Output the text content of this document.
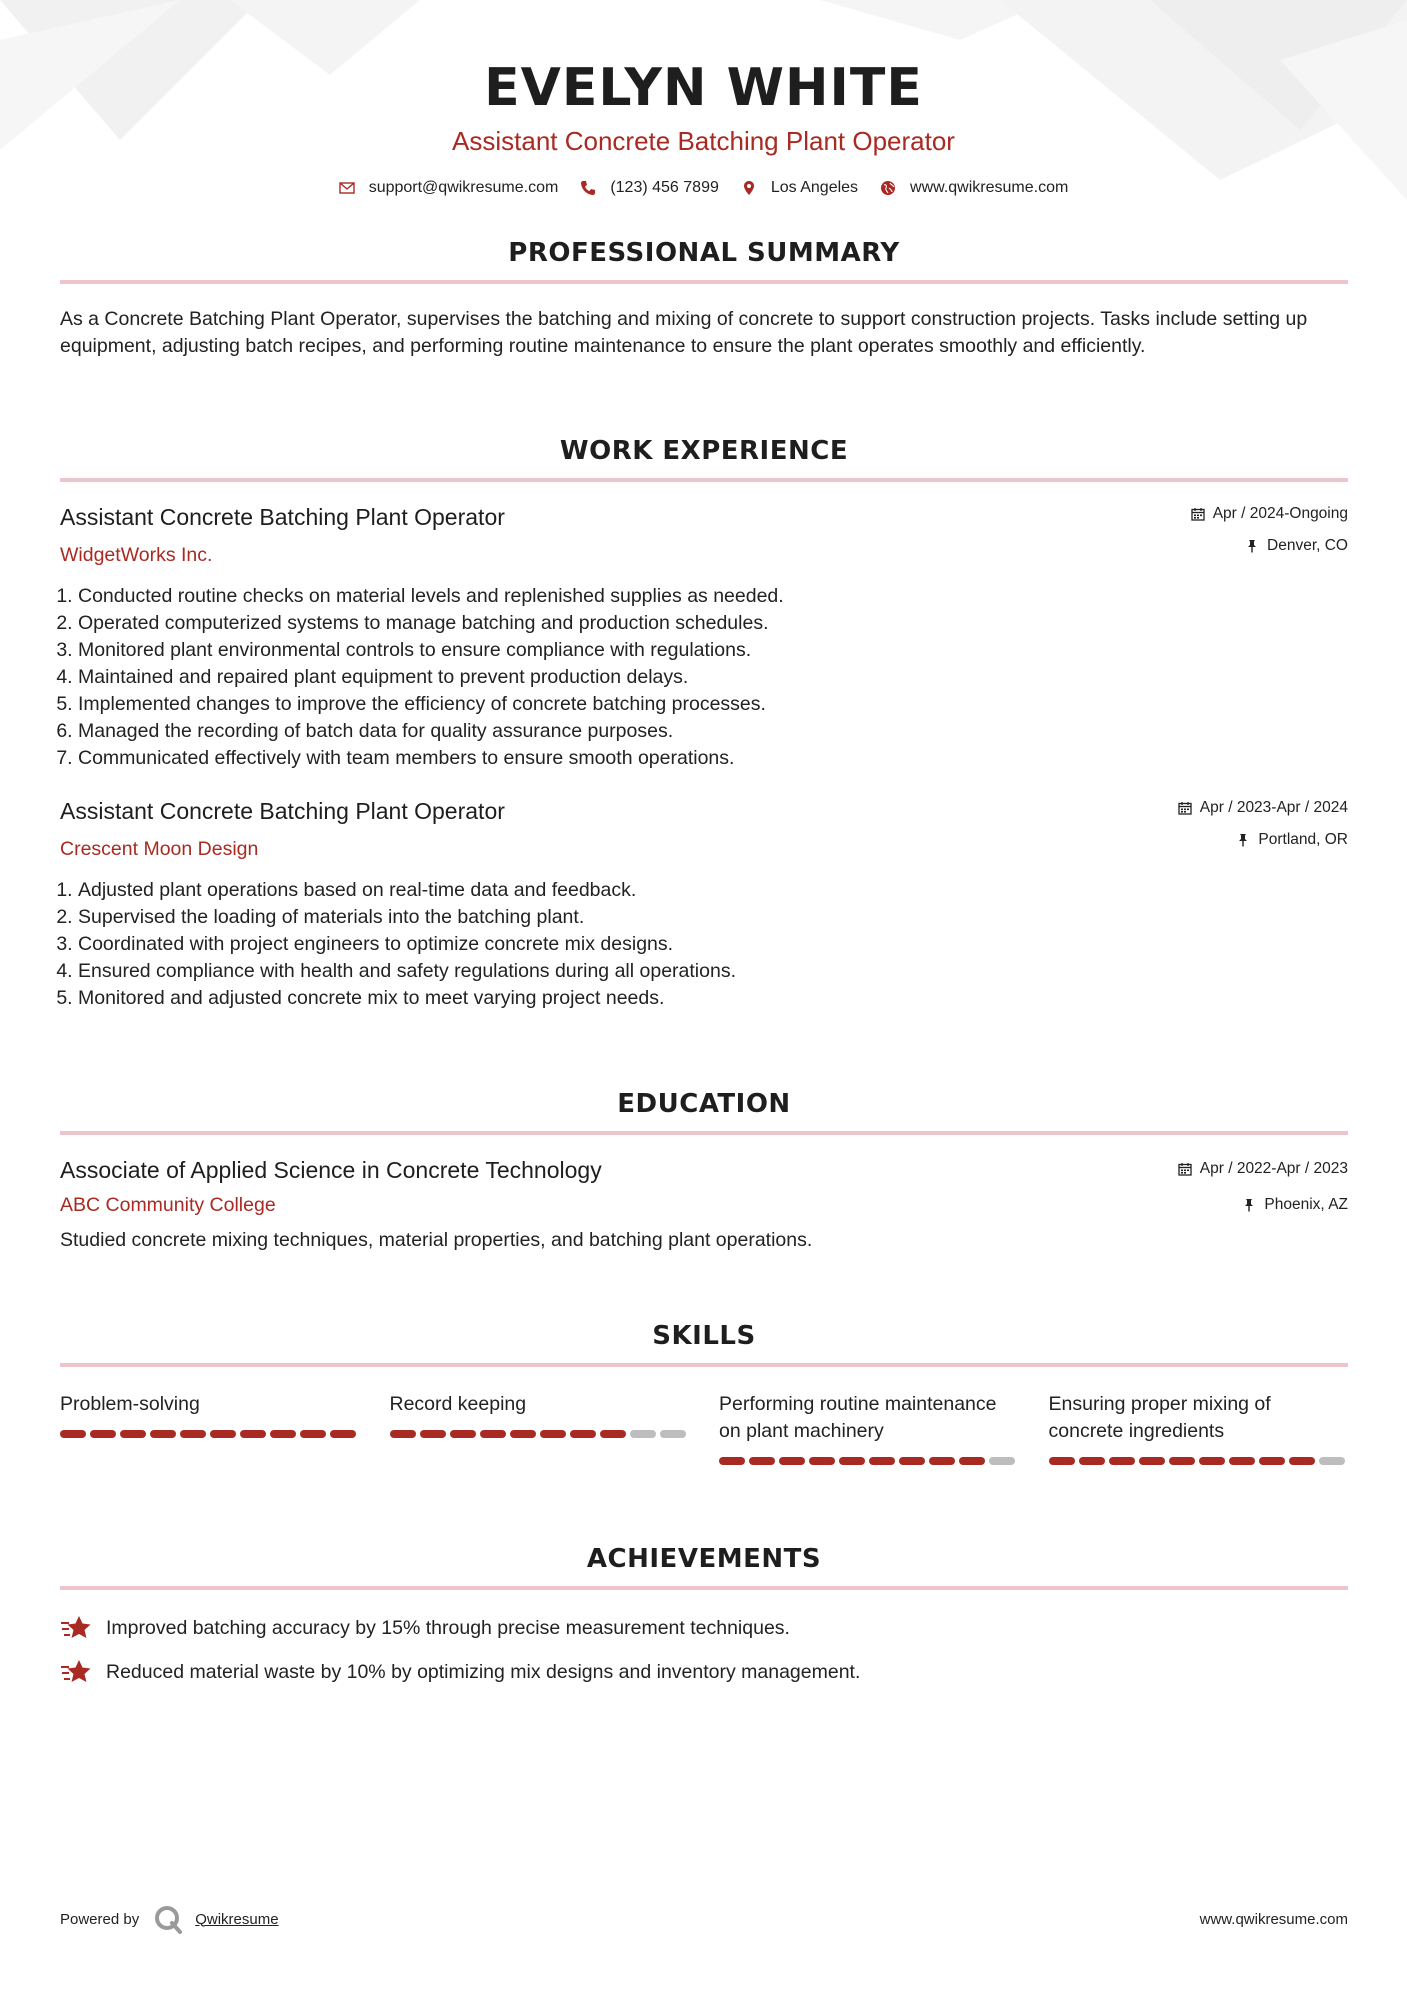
EVELYN WHITE
Assistant Concrete Batching Plant Operator
support@qwikresume.com	(123) 456 7899	Los Angeles	www.qwikresume.com
PROFESSIONAL SUMMARY
As a Concrete Batching Plant Operator, supervises the batching and mixing of concrete to support construction projects. Tasks include setting up equipment, adjusting batch recipes, and performing routine maintenance to ensure the plant operates smoothly and efficiently.
WORK EXPERIENCE
Assistant Concrete Batching Plant Operator
WidgetWorks Inc.
Apr / 2024-Ongoing
Denver, CO
1. Conducted routine checks on material levels and replenished supplies as needed.
2. Operated computerized systems to manage batching and production schedules.
3. Monitored plant environmental controls to ensure compliance with regulations.
4. Maintained and repaired plant equipment to prevent production delays.
5. Implemented changes to improve the efficiency of concrete batching processes.
6. Managed the recording of batch data for quality assurance purposes.
7. Communicated effectively with team members to ensure smooth operations.
Assistant Concrete Batching Plant Operator
Crescent Moon Design
Apr / 2023-Apr / 2024
Portland, OR
1. Adjusted plant operations based on real-time data and feedback.
2. Supervised the loading of materials into the batching plant.
3. Coordinated with project engineers to optimize concrete mix designs.
4. Ensured compliance with health and safety regulations during all operations.
5. Monitored and adjusted concrete mix to meet varying project needs.
EDUCATION
Associate of Applied Science in Concrete Technology
ABC Community College
Apr / 2022-Apr / 2023
Phoenix, AZ
Studied concrete mixing techniques, material properties, and batching plant operations.
SKILLS
Problem-solving	Record keeping	Performing routine maintenance on plant machinery
Ensuring proper mixing of concrete ingredients
ACHIEVEMENTS
Improved batching accuracy by 15% through precise measurement techniques.
Reduced material waste by 10% by optimizing mix designs and inventory management.
Powered by	Qwikresume	www.qwikresume.com
